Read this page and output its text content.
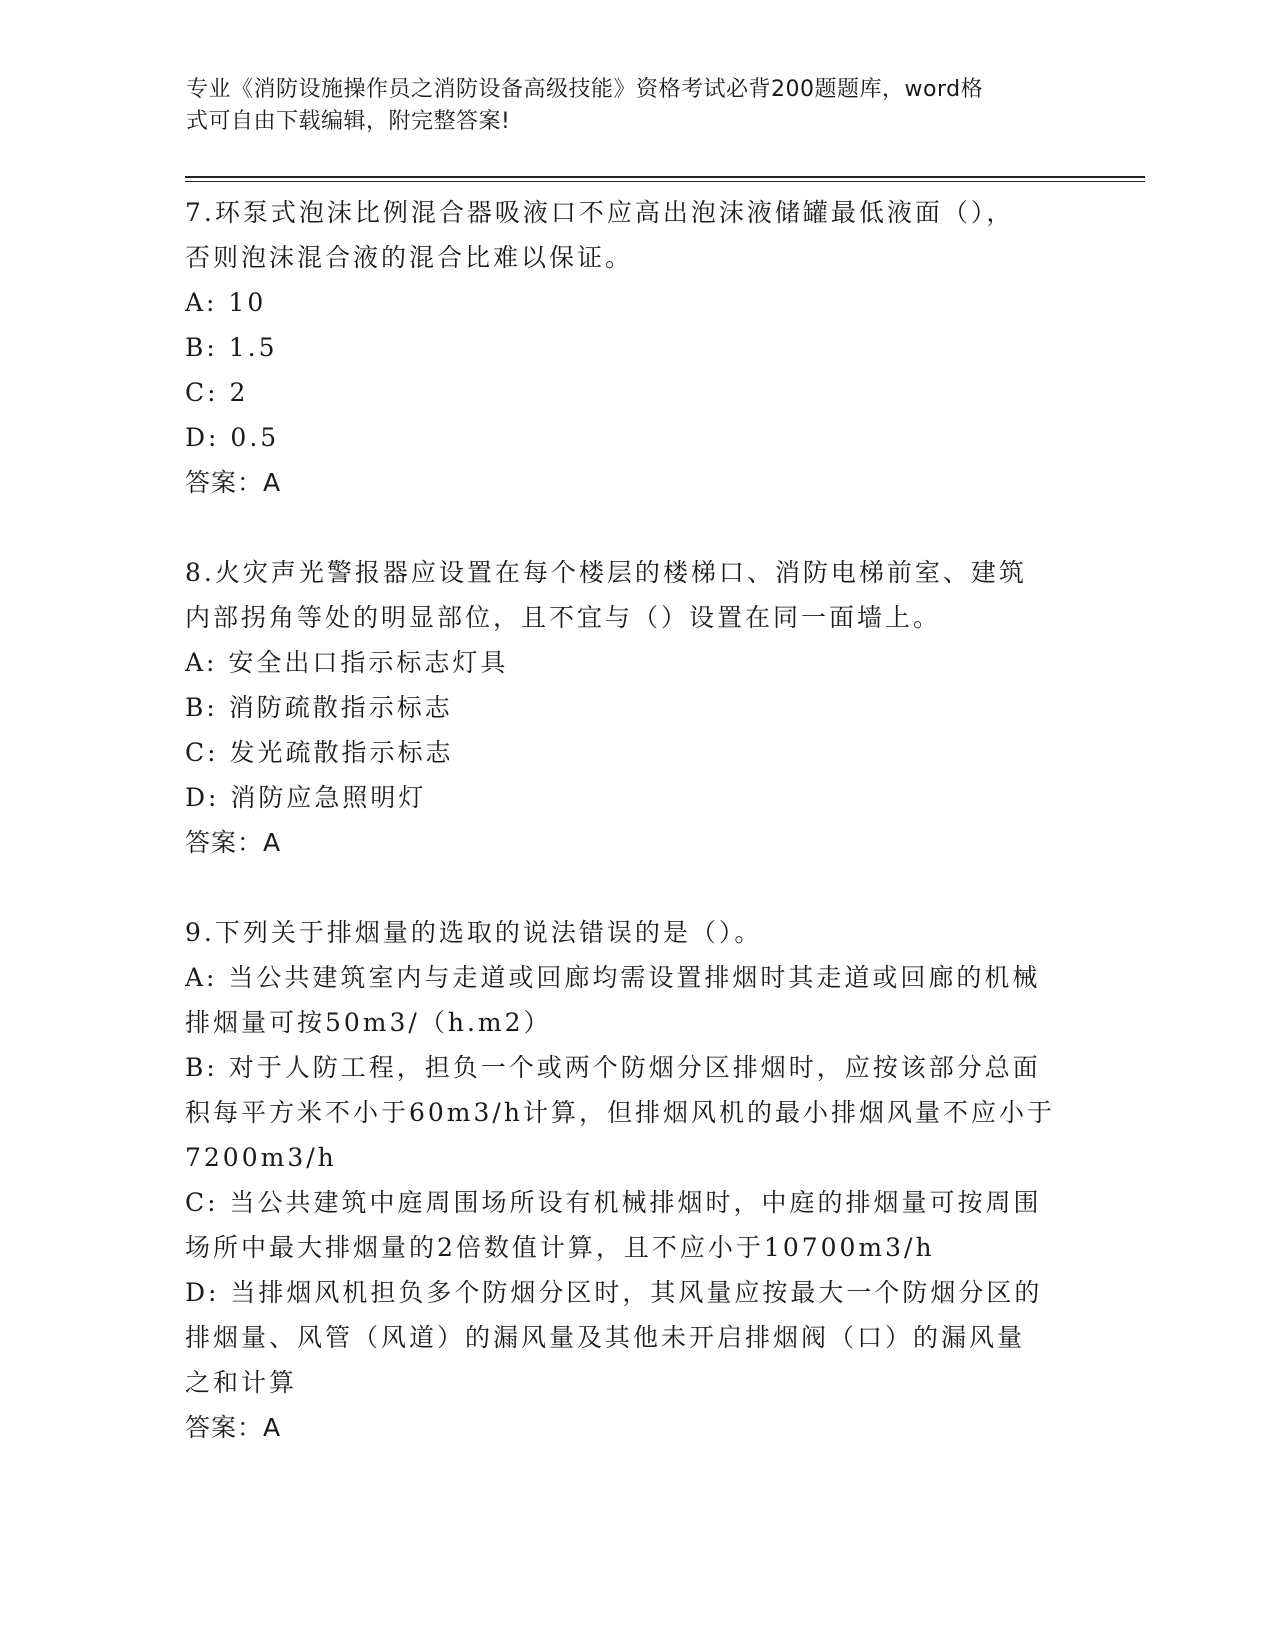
专业《消防设施操作员之消防设备高级技能》资格考试必背200题题库，word格
式可自由下载编辑，附完整答案!
7.环泵式泡沫比例混合器吸液口不应高出泡沫液储罐最低液面（），
否则泡沫混合液的混合比难以保证。
A: 10
B: 1.5
C: 2
D: 0.5
答案：A
8.火灾声光警报器应设置在每个楼层的楼梯口、消防电梯前室、建筑
内部拐角等处的明显部位，且不宜与（）设置在同一面墙上。
A: 安全出口指示标志灯具
B: 消防疏散指示标志
C: 发光疏散指示标志
D: 消防应急照明灯
答案：A
9.下列关于排烟量的选取的说法错误的是（）。
A: 当公共建筑室内与走道或回廊均需设置排烟时其走道或回廊的机械
排烟量可按50m3/（h.m2）
B: 对于人防工程，担负一个或两个防烟分区排烟时，应按该部分总面
积每平方米不小于60m3/h计算，但排烟风机的最小排烟风量不应小于
7200m3/h
C: 当公共建筑中庭周围场所设有机械排烟时，中庭的排烟量可按周围
场所中最大排烟量的2倍数值计算，且不应小于10700m3/h
D: 当排烟风机担负多个防烟分区时，其风量应按最大一个防烟分区的
排烟量、风管（风道）的漏风量及其他未开启排烟阀（口）的漏风量
之和计算
答案：A
